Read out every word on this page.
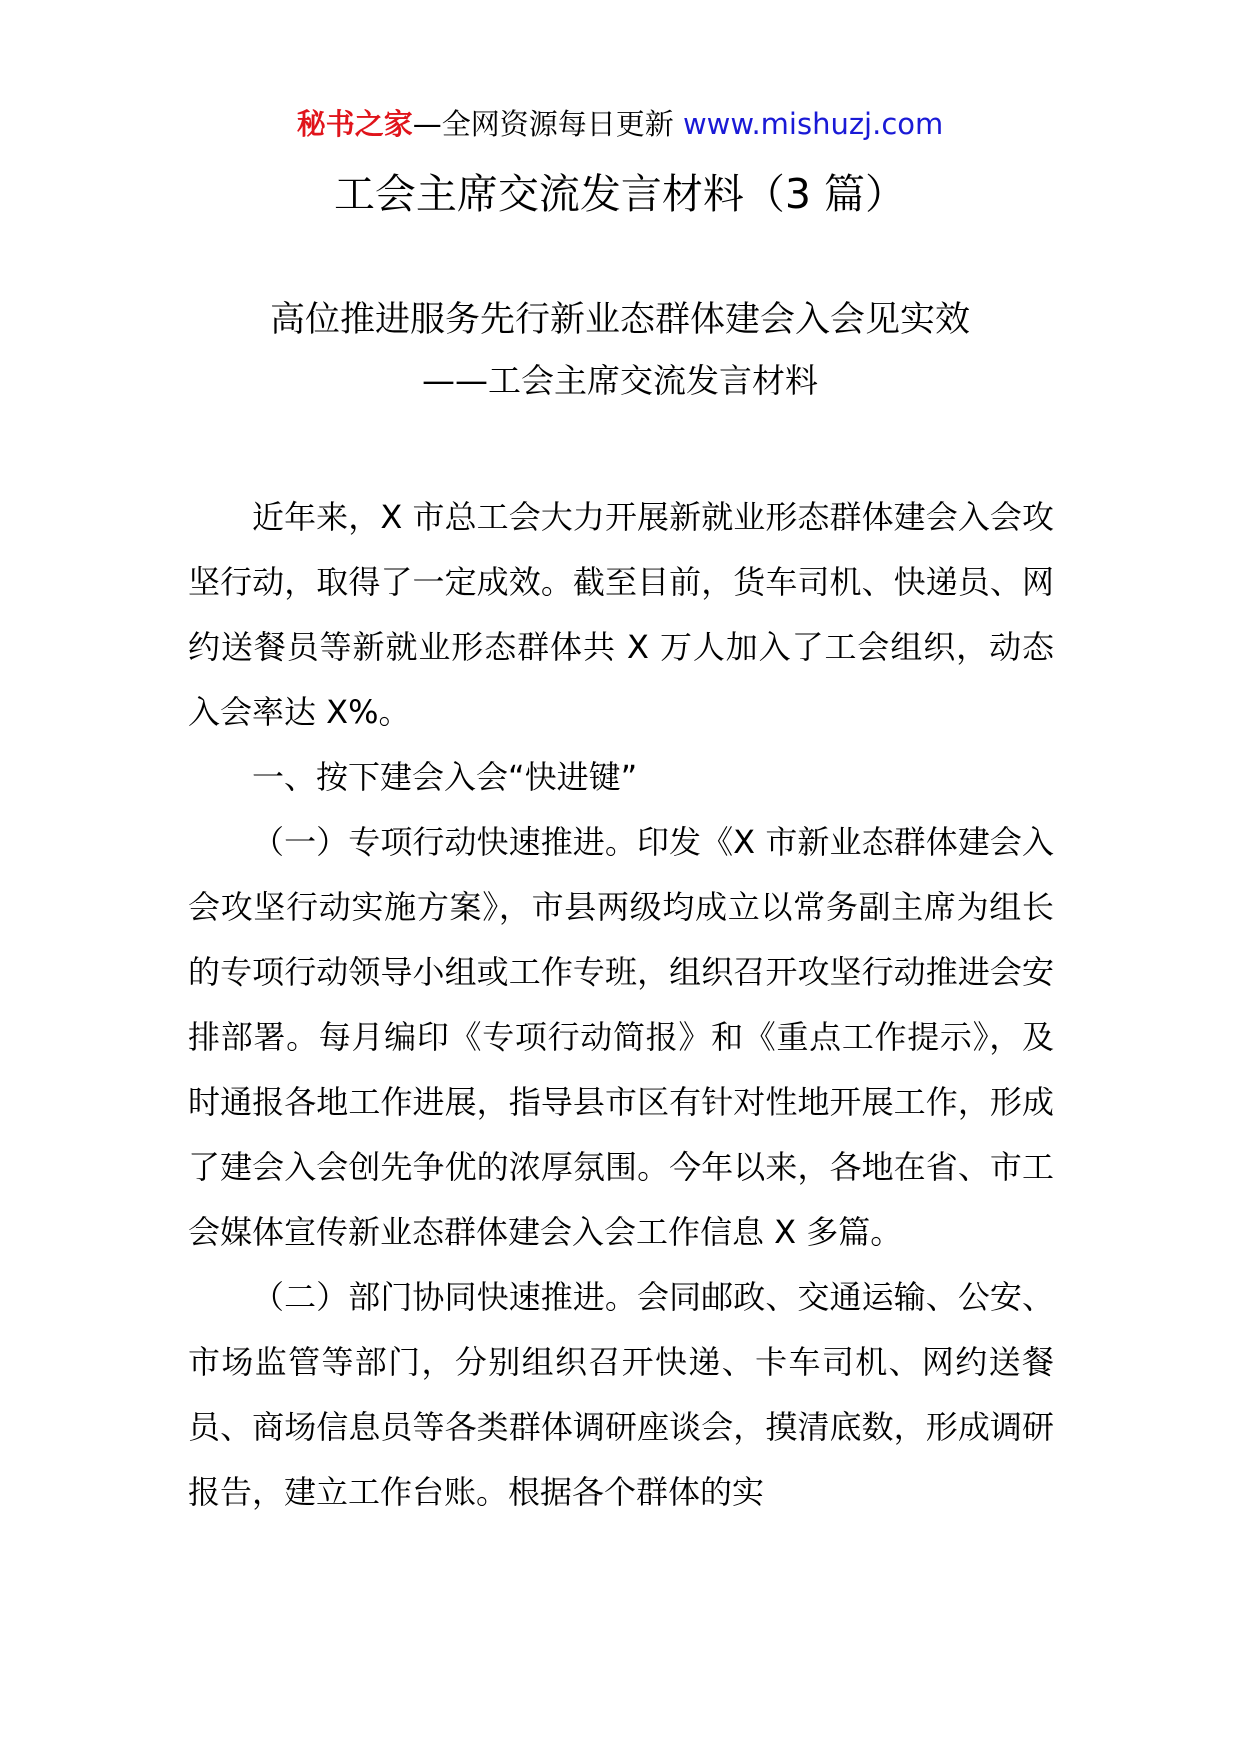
秘书之家—全网资源每日更新 www.mishuzj.com
工会主席交流发言材料（3 篇）
高位推进服务先行新业态群体建会入会见实效
——工会主席交流发言材料

近年来，X 市总工会大力开展新就业形态群体建会入会攻坚行动，取得了一定成效。截至目前，货车司机、快递员、网约送餐员等新就业形态群体共 X 万人加入了工会组织，动态入会率达 X%。

一、按下建会入会“快进键”

（一）专项行动快速推进。印发《X 市新业态群体建会入会攻坚行动实施方案》，市县两级均成立以常务副主席为组长的专项行动领导小组或工作专班，组织召开攻坚行动推进会安排部署。每月编印《专项行动简报》和《重点工作提示》，及时通报各地工作进展，指导县市区有针对性地开展工作，形成了建会入会创先争优的浓厚氛围。今年以来，各地在省、市工会媒体宣传新业态群体建会入会工作信息 X 多篇。

（二）部门协同快速推进。会同邮政、交通运输、公安、市场监管等部门，分别组织召开快递、卡车司机、网约送餐员、商场信息员等各类群体调研座谈会，摸清底数，形成调研报告，建立工作台账。根据各个群体的实
